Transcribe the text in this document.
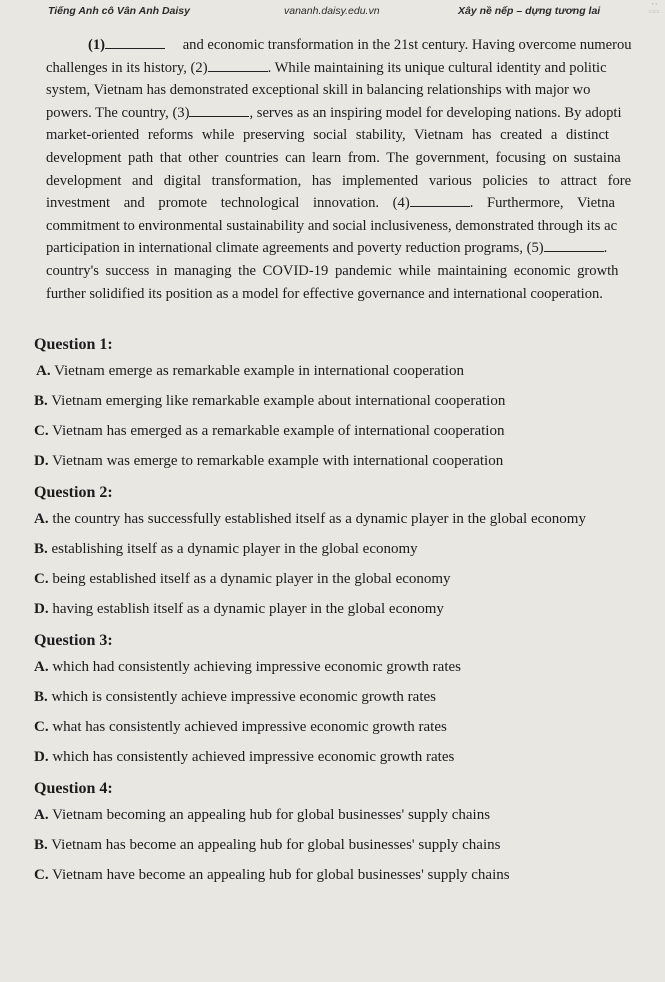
Tiếng Anh cô Vân Anh Daisy	vananh.daisy.edu.vn	Xây nề nếp – dựng tương lai	◔◔
▭▭
(1)	and economic transformation in the 21st century. Having overcome numerou
challenges in its history, (2)	. While maintaining its unique cultural identity and politic
system, Vietnam has demonstrated exceptional skill in balancing relationships with major wo
powers. The country, (3)	, serves as an inspiring model for developing nations. By adopti
market-oriented reforms while preserving social stability, Vietnam has created a distinct
development path that other countries can learn from. The government, focusing on sustaina
development and digital transformation, has implemented various policies to attract fore
investment and promote technological innovation. (4)	. Furthermore, Vietna
commitment to environmental sustainability and social inclusiveness, demonstrated through its ac
participation in international climate agreements and poverty reduction programs, (5)	.
country's success in managing the COVID-19 pandemic while maintaining economic growth
further solidified its position as a model for effective governance and international cooperation.
Question 1:
A. Vietnam emerge as remarkable example in international cooperation
B. Vietnam emerging like remarkable example about international cooperation
C. Vietnam has emerged as a remarkable example of international cooperation
D. Vietnam was emerge to remarkable example with international cooperation
Question 2:
A. the country has successfully established itself as a dynamic player in the global economy
B. establishing itself as a dynamic player in the global economy
C. being established itself as a dynamic player in the global economy
D. having establish itself as a dynamic player in the global economy
Question 3:
A. which had consistently achieving impressive economic growth rates
B. which is consistently achieve impressive economic growth rates
C. what has consistently achieved impressive economic growth rates
D. which has consistently achieved impressive economic growth rates
Question 4:
A. Vietnam becoming an appealing hub for global businesses' supply chains
B. Vietnam has become an appealing hub for global businesses' supply chains
C. Vietnam have become an appealing hub for global businesses' supply chains
